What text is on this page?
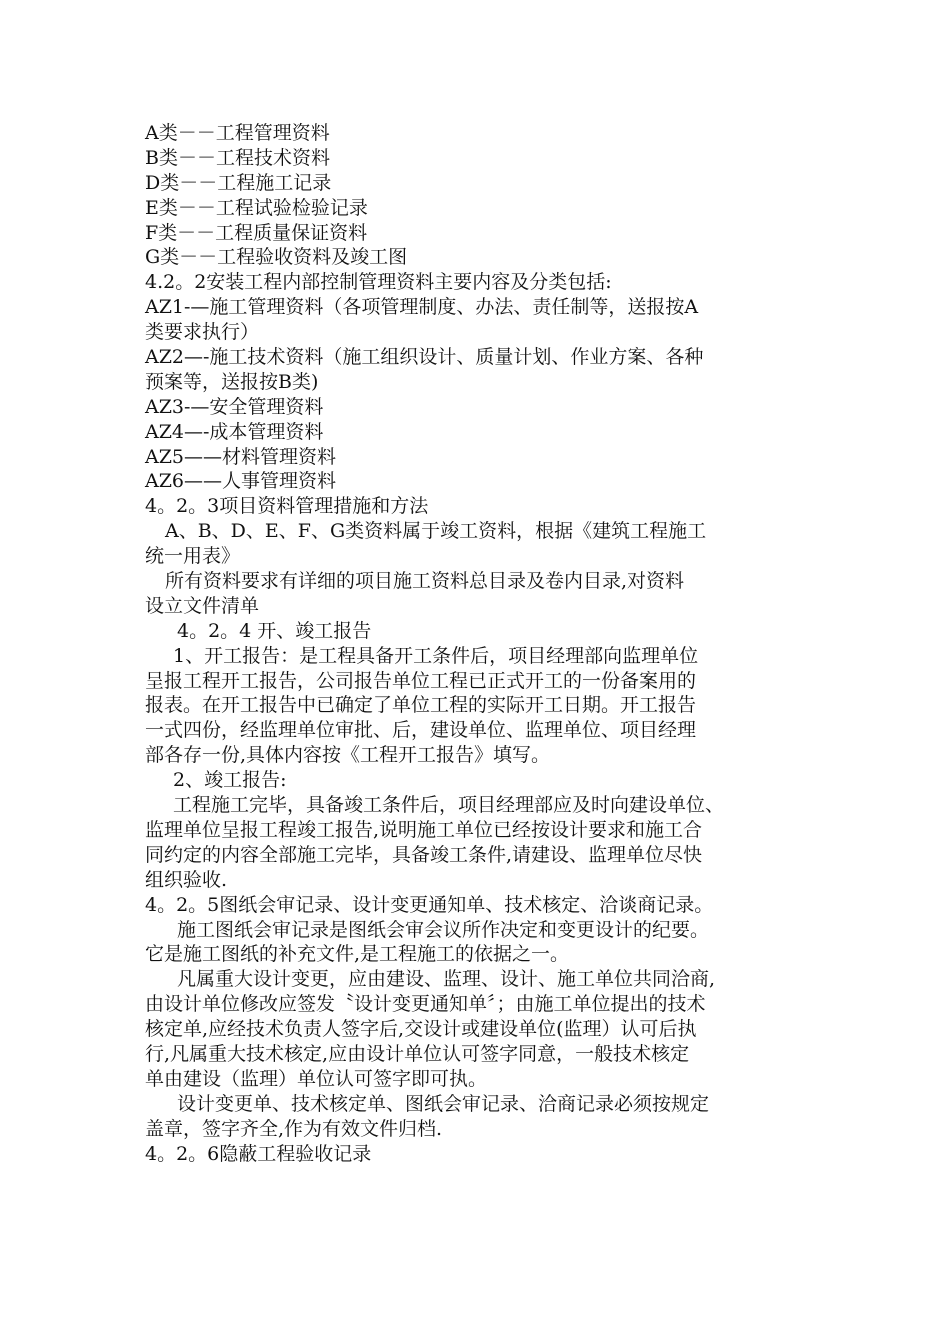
A类－－工程管理资料
B类－－工程技术资料
D类－－工程施工记录
E类－－工程试验检验记录
F类－－工程质量保证资料
G类－－工程验收资料及竣工图
4.2。2安装工程内部控制管理资料主要内容及分类包括:
AZ1-—施工管理资料（各项管理制度、办法、责任制等，送报按A
类要求执行）
AZ2—-施工技术资料（施工组织设计、质量计划、作业方案、各种
预案等，送报按B类)
AZ3-—安全管理资料
AZ4—-成本管理资料
AZ5——材料管理资料
AZ6——人事管理资料
4。2。3项目资料管理措施和方法
A、B、D、E、F、G类资料属于竣工资料，根据《建筑工程施工
统一用表》
所有资料要求有详细的项目施工资料总目录及卷内目录,对资料
设立文件清单
4。2。4 开、竣工报告
1、开工报告：是工程具备开工条件后，项目经理部向监理单位
呈报工程开工报告，公司报告单位工程已正式开工的一份备案用的
报表。在开工报告中已确定了单位工程的实际开工日期。开工报告
一式四份，经监理单位审批、后，建设单位、监理单位、项目经理
部各存一份,具体内容按《工程开工报告》填写。
2、竣工报告:
工程施工完毕，具备竣工条件后，项目经理部应及时向建设单位、
监理单位呈报工程竣工报告,说明施工单位已经按设计要求和施工合
同约定的内容全部施工完毕，具备竣工条件,请建设、监理单位尽快
组织验收.
4。2。5图纸会审记录、设计变更通知单、技术核定、洽谈商记录。
施工图纸会审记录是图纸会审会议所作决定和变更设计的纪要。
它是施工图纸的补充文件,是工程施工的依据之一。
凡属重大设计变更，应由建设、监理、设计、施工单位共同洽商,
由设计单位修改应签发〝设计变更通知单〞；由施工单位提出的技术
核定单,应经技术负责人签字后,交设计或建设单位(监理）认可后执
行,凡属重大技术核定,应由设计单位认可签字同意，一般技术核定
单由建设（监理）单位认可签字即可执。
设计变更单、技术核定单、图纸会审记录、洽商记录必须按规定
盖章，签字齐全,作为有效文件归档.
4。2。6隐蔽工程验收记录
